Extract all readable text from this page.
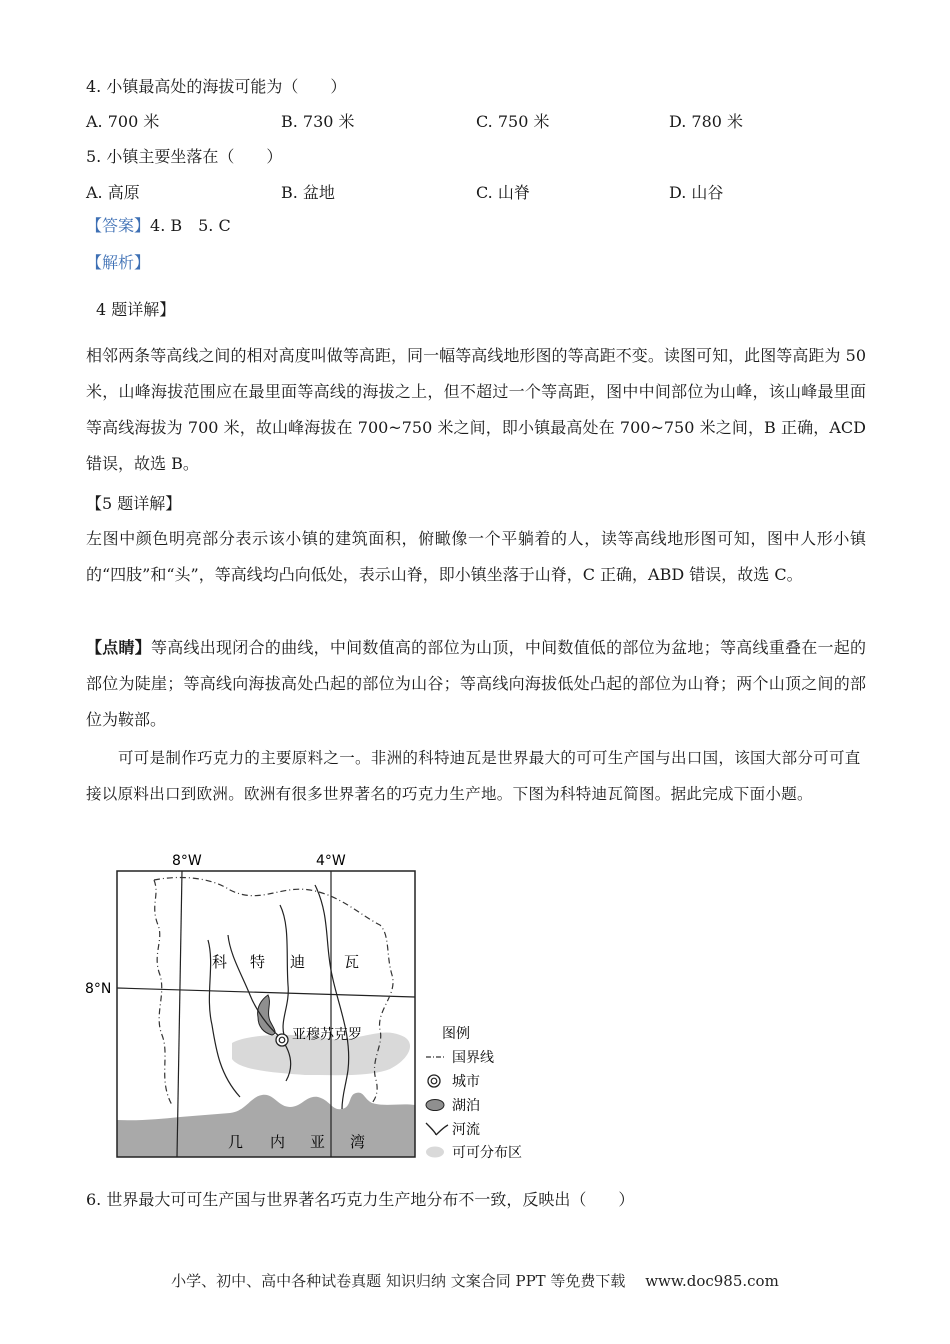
4. 小镇最高处的海拔可能为（　　）
A. 700 米	B. 730 米	C. 750 米	D. 780 米
5. 小镇主要坐落在（　　）
A. 高原	B. 盆地	C. 山脊	D. 山谷
【答案】4. B　5. C
【解析】
4 题详解】
相邻两条等高线之间的相对高度叫做等高距，同一幅等高线地形图的等高距不变。读图可知，此图等高距为 50 米，山峰海拔范围应在最里面等高线的海拔之上，但不超过一个等高距，图中中间部位为山峰，该山峰最里面等高线海拔为 700 米，故山峰海拔在 700~750 米之间，即小镇最高处在 700~750 米之间，B 正确，ACD 错误，故选 B。
【5 题详解】
左图中颜色明亮部分表示该小镇的建筑面积，俯瞰像一个平躺着的人，读等高线地形图可知，图中人形小镇的“四肢”和“头”，等高线均凸向低处，表示山脊，即小镇坐落于山脊，C 正确，ABD 错误，故选 C。
【点睛】等高线出现闭合的曲线，中间数值高的部位为山顶，中间数值低的部位为盆地；等高线重叠在一起的部位为陡崖；等高线向海拔高处凸起的部位为山谷；等高线向海拔低处凸起的部位为山脊；两个山顶之间的部位为鞍部。
可可是制作巧克力的主要原料之一。非洲的科特迪瓦是世界最大的可可生产国与出口国，该国大部分可可直接以原料出口到欧洲。欧洲有很多世界著名的巧克力生产地。下图为科特迪瓦简图。据此完成下面小题。
8°W	4°W
8°N
科 特 迪	瓦
亚穆苏克罗
几 内 亚 湾
图例
国界线
城市
湖泊
河流
可可分布区
6. 世界最大可可生产国与世界著名巧克力生产地分布不一致，反映出（　　）
小学、初中、高中各种试卷真题 知识归纳 文案合同 PPT 等免费下载　 www.doc985.com
